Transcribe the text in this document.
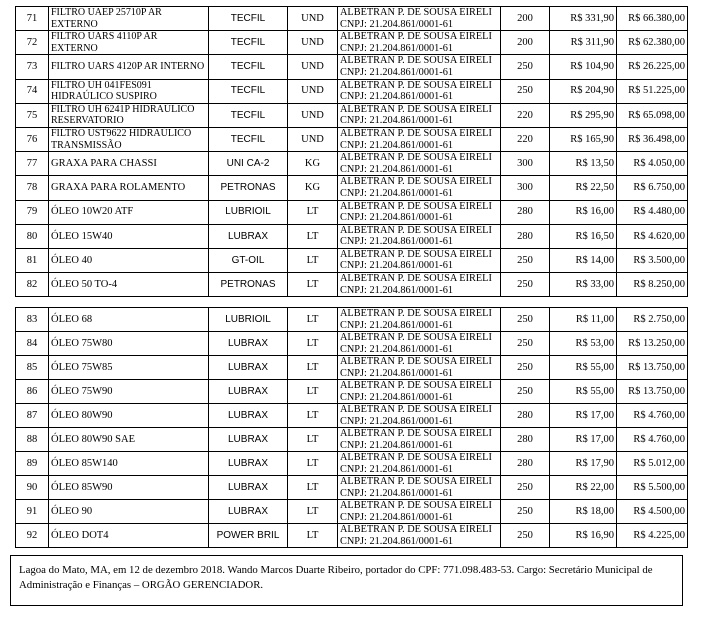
71	FILTRO UAEP 25710P AR EXTERNO	TECFIL	UND	ALBETRAN P. DE SOUSA EIRELI
CNPJ: 21.204.861/0001-61	200	R$ 331,90	R$ 66.380,00
72	FILTRO UARS 4110P AR EXTERNO	TECFIL	UND	ALBETRAN P. DE SOUSA EIRELI
CNPJ: 21.204.861/0001-61	200	R$ 311,90	R$ 62.380,00
73	FILTRO UARS 4120P AR INTERNO	TECFIL	UND	ALBETRAN P. DE SOUSA EIRELI
CNPJ: 21.204.861/0001-61	250	R$ 104,90	R$ 26.225,00
74	FILTRO UH 041FES091 HIDRAÚLICO SUSPIRO	TECFIL	UND	ALBETRAN P. DE SOUSA EIRELI
CNPJ: 21.204.861/0001-61	250	R$ 204,90	R$ 51.225,00
75	FILTRO UH 6241P HIDRAÚLICO RESERVATORIO	TECFIL	UND	ALBETRAN P. DE SOUSA EIRELI
CNPJ: 21.204.861/0001-61	220	R$ 295,90	R$ 65.098,00
76	FILTRO UST9622 HIDRAÚLICO TRANSMISSÃO	TECFIL	UND	ALBETRAN P. DE SOUSA EIRELI
CNPJ: 21.204.861/0001-61	220	R$ 165,90	R$ 36.498,00
77	GRAXA PARA CHASSI	UNI CA-2	KG	ALBETRAN P. DE SOUSA EIRELI
CNPJ: 21.204.861/0001-61	300	R$ 13,50	R$ 4.050,00
78	GRAXA PARA ROLAMENTO	PETRONAS	KG	ALBETRAN P. DE SOUSA EIRELI
CNPJ: 21.204.861/0001-61	300	R$ 22,50	R$ 6.750,00
79	ÓLEO 10W20 ATF	LUBRIOIL	LT	ALBETRAN P. DE SOUSA EIRELI
CNPJ: 21.204.861/0001-61	280	R$ 16,00	R$ 4.480,00
80	ÓLEO 15W40	LUBRAX	LT	ALBETRAN P. DE SOUSA EIRELI
CNPJ: 21.204.861/0001-61	280	R$ 16,50	R$ 4.620,00
81	ÓLEO 40	GT-OIL	LT	ALBETRAN P. DE SOUSA EIRELI
CNPJ: 21.204.861/0001-61	250	R$ 14,00	R$ 3.500,00
82	ÓLEO 50 TO-4	PETRONAS	LT	ALBETRAN P. DE SOUSA EIRELI
CNPJ: 21.204.861/0001-61	250	R$ 33,00	R$ 8.250,00
83	ÓLEO 68	LUBRIOIL	LT	ALBETRAN P. DE SOUSA EIRELI
CNPJ: 21.204.861/0001-61	250	R$ 11,00	R$ 2.750,00
84	ÓLEO 75W80	LUBRAX	LT	ALBETRAN P. DE SOUSA EIRELI
CNPJ: 21.204.861/0001-61	250	R$ 53,00	R$ 13.250,00
85	ÓLEO 75W85	LUBRAX	LT	ALBETRAN P. DE SOUSA EIRELI
CNPJ: 21.204.861/0001-61	250	R$ 55,00	R$ 13.750,00
86	ÓLEO 75W90	LUBRAX	LT	ALBETRAN P. DE SOUSA EIRELI
CNPJ: 21.204.861/0001-61	250	R$ 55,00	R$ 13.750,00
87	ÓLEO 80W90	LUBRAX	LT	ALBETRAN P. DE SOUSA EIRELI
CNPJ: 21.204.861/0001-61	280	R$ 17,00	R$ 4.760,00
88	ÓLEO 80W90 SAE	LUBRAX	LT	ALBETRAN P. DE SOUSA EIRELI
CNPJ: 21.204.861/0001-61	280	R$ 17,00	R$ 4.760,00
89	ÓLEO 85W140	LUBRAX	LT	ALBETRAN P. DE SOUSA EIRELI
CNPJ: 21.204.861/0001-61	280	R$ 17,90	R$ 5.012,00
90	ÓLEO 85W90	LUBRAX	LT	ALBETRAN P. DE SOUSA EIRELI
CNPJ: 21.204.861/0001-61	250	R$ 22,00	R$ 5.500,00
91	ÓLEO 90	LUBRAX	LT	ALBETRAN P. DE SOUSA EIRELI
CNPJ: 21.204.861/0001-61	250	R$ 18,00	R$ 4.500,00
92	ÓLEO DOT4	POWER BRIL	LT	ALBETRAN P. DE SOUSA EIRELI
CNPJ: 21.204.861/0001-61	250	R$ 16,90	R$ 4.225,00
Lagoa do Mato, MA, em 12 de dezembro 2018. Wando Marcos Duarte Ribeiro, portador do CPF: 771.098.483-53. Cargo: Secretário Municipal de Administração e Finanças – ORGÃO GERENCIADOR.
